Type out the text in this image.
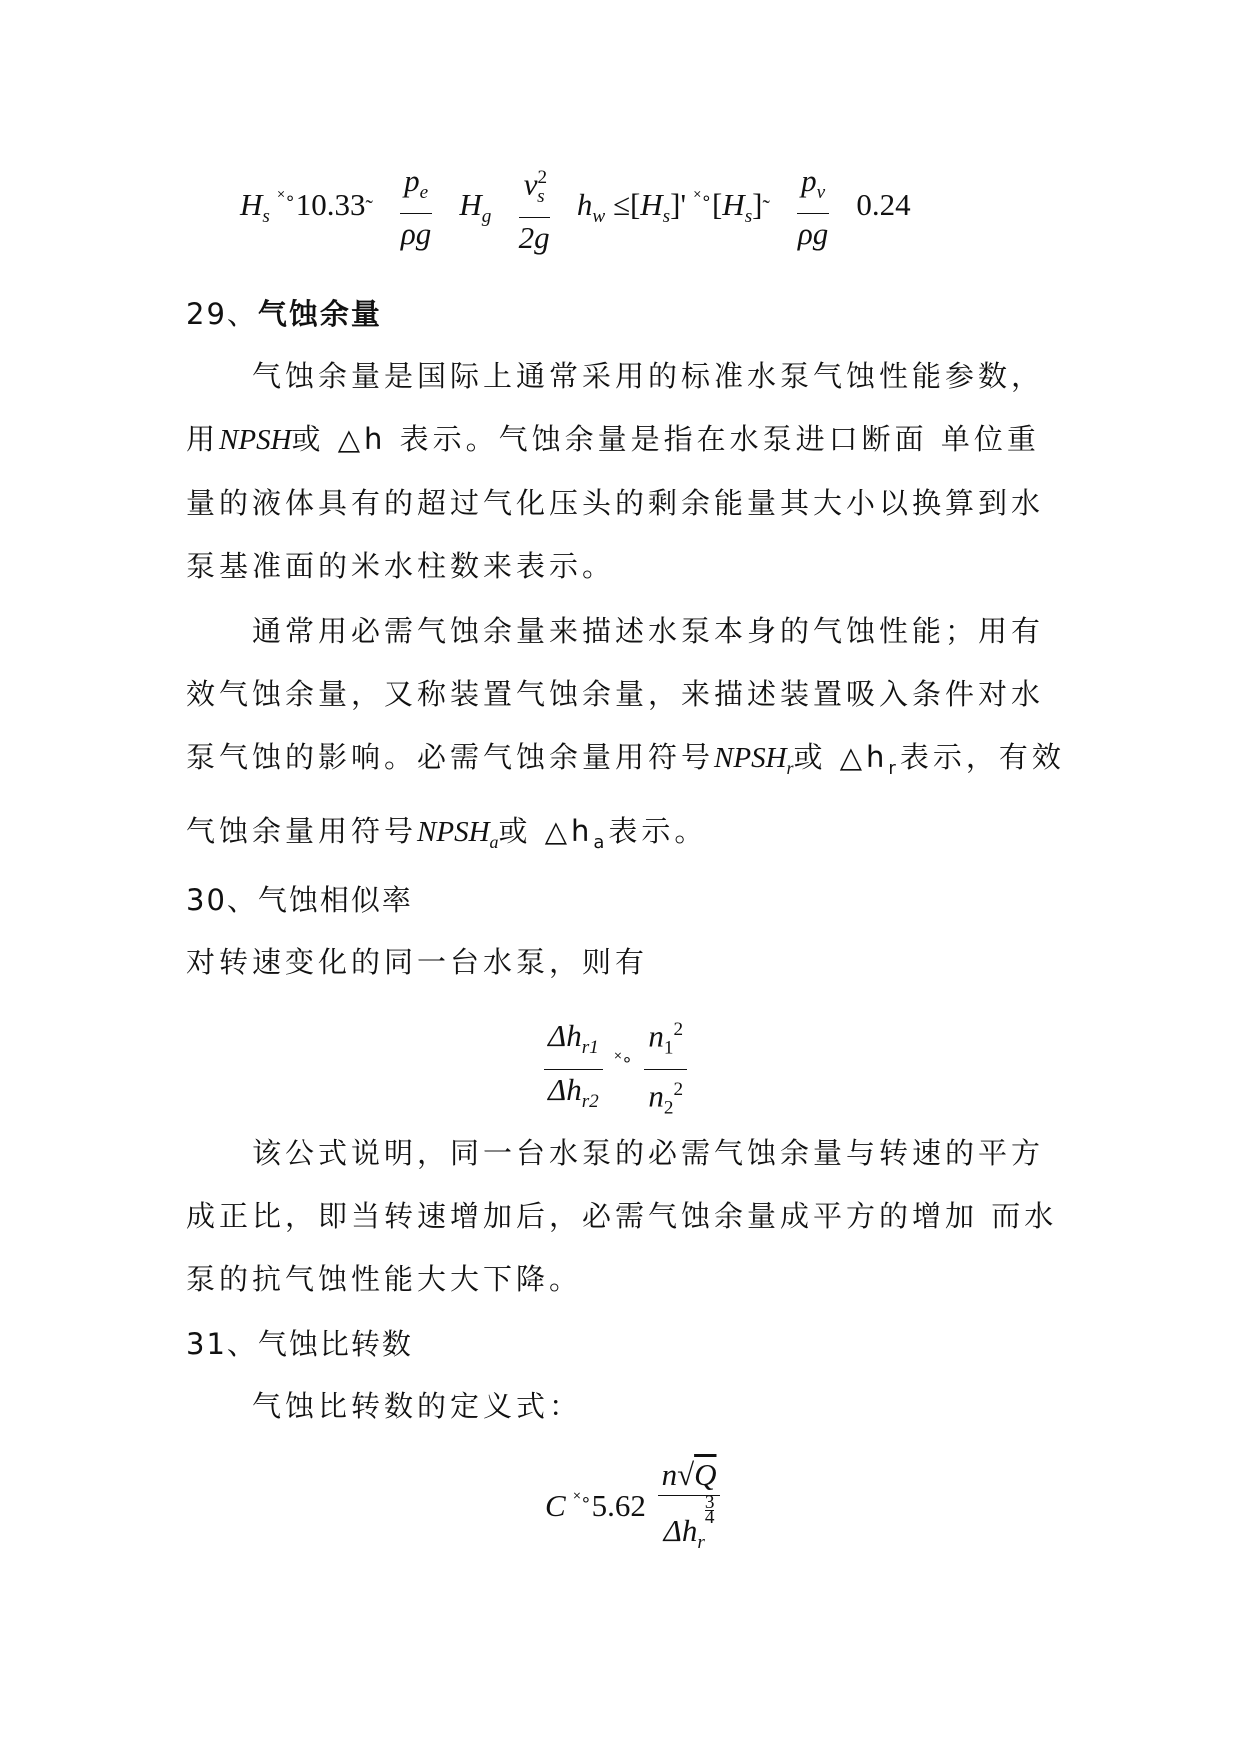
$H_s$ ˟∘10.33˜ $\frac{p_e}{\rho g} H_g \frac{v^2_s}{2g} h_w \le[H_s]'$ $^{˟\circ}[H_s]˜ \frac{p_v}{\rho g} 0.24$
29、气蚀余量

气蚀余量是国际上通常采用的标准水泵气蚀性能参数，用NPSH或 △h 表示。气蚀余量是指在水泵进口断面 单位重量的液体具有的超过气化压头的剩余能量其大小以换算到水泵基准面的米水柱数来表示。

通常用必需气蚀余量来描述水泵本身的气蚀性能；用有效气蚀余量，又称装置气蚀余量，来描述装置吸入条件对水泵气蚀的影响。必需气蚀余量用符号$NPSH_r$或 $\triangle h_r$表示，有效气蚀余量用符号$NPSH_a$或 $\triangle h_a$表示。

30、气蚀相似率
对转速变化的同一台水泵，则有
$\frac{\Delta h_{r1}}{\Delta h_{r2}} ^{˟\circ} \frac{n_1^2}{n_2^2}$

该公式说明，同一台水泵的必需气蚀余量与转速的平方成正比，即当转速增加后，必需气蚀余量成平方的增加 而水泵的抗气蚀性能大大下降。

31、气蚀比转数
气蚀比转数的定义式：
C ˟∘5.62 n√Q
$\Delta h_r$
$^{\frac{3}{4}}$
